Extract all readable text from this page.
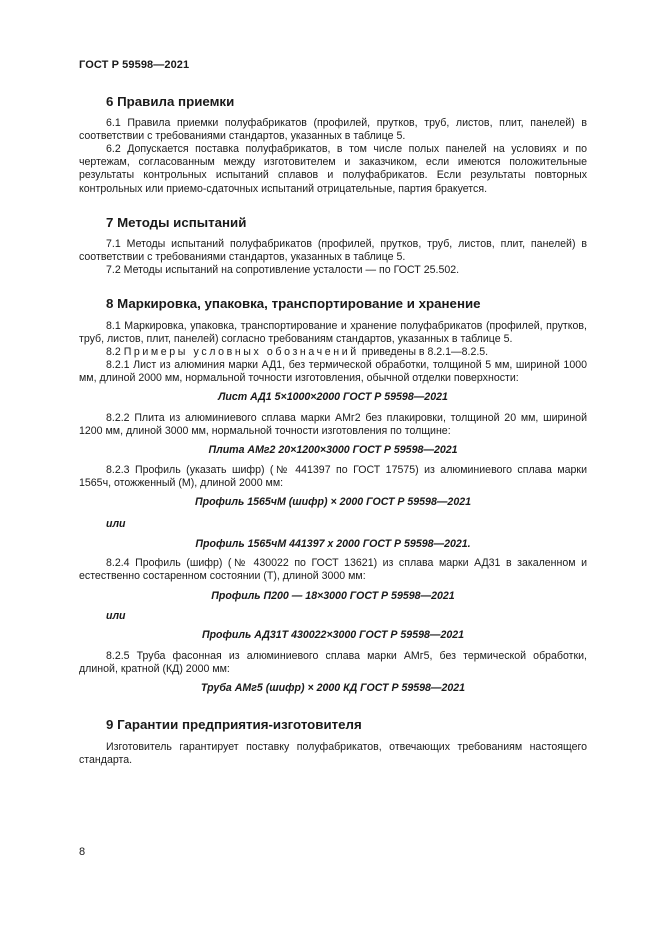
ГОСТ Р 59598—2021
6 Правила приемки
6.1 Правила приемки полуфабрикатов (профилей, прутков, труб, листов, плит, панелей) в соответствии с требованиями стандартов, указанных в таблице 5.
6.2 Допускается поставка полуфабрикатов, в том числе полых панелей на условиях и по чертежам, согласованным между изготовителем и заказчиком, если имеются положительные результаты контрольных испытаний сплавов и полуфабрикатов. Если результаты повторных контрольных или приемо-сдаточных испытаний отрицательные, партия бракуется.
7 Методы испытаний
7.1 Методы испытаний полуфабрикатов (профилей, прутков, труб, листов, плит, панелей) в соответствии с требованиями стандартов, указанных в таблице 5.
7.2 Методы испытаний на сопротивление усталости — по ГОСТ 25.502.
8 Маркировка, упаковка, транспортирование и хранение
8.1 Маркировка, упаковка, транспортирование и хранение полуфабрикатов (профилей, прутков, труб, листов, плит, панелей) согласно требованиям стандартов, указанных в таблице 5.
8.2 Примеры условных обозначений приведены в 8.2.1—8.2.5.
8.2.1 Лист из алюминия марки АД1, без термической обработки, толщиной 5 мм, шириной 1000 мм, длиной 2000 мм, нормальной точности изготовления, обычной отделки поверхности:
Лист АД1 5×1000×2000 ГОСТ Р 59598—2021
8.2.2 Плита из алюминиевого сплава марки АМг2 без плакировки, толщиной 20 мм, шириной 1200 мм, длиной 3000 мм, нормальной точности изготовления по толщине:
Плита АМг2 20×1200×3000 ГОСТ Р 59598—2021
8.2.3 Профиль (указать шифр) (№ 441397 по ГОСТ 17575) из алюминиевого сплава марки 1565ч, отожженный (М), длиной 2000 мм:
Профиль 1565чМ (шифр) × 2000 ГОСТ Р 59598—2021
или
Профиль 1565чМ 441397 х 2000 ГОСТ Р 59598—2021.
8.2.4 Профиль (шифр) (№ 430022 по ГОСТ 13621) из сплава марки АД31 в закаленном и естественно состаренном состоянии (Т), длиной 3000 мм:
Профиль П200 — 18×3000 ГОСТ Р 59598—2021
или
Профиль АД31Т 430022×3000 ГОСТ Р 59598—2021
8.2.5 Труба фасонная из алюминиевого сплава марки АМг5, без термической обработки, длиной, кратной (КД) 2000 мм:
Труба АМг5 (шифр) × 2000 КД ГОСТ Р 59598—2021
9 Гарантии предприятия-изготовителя
Изготовитель гарантирует поставку полуфабрикатов, отвечающих требованиям настоящего стандарта.
8
